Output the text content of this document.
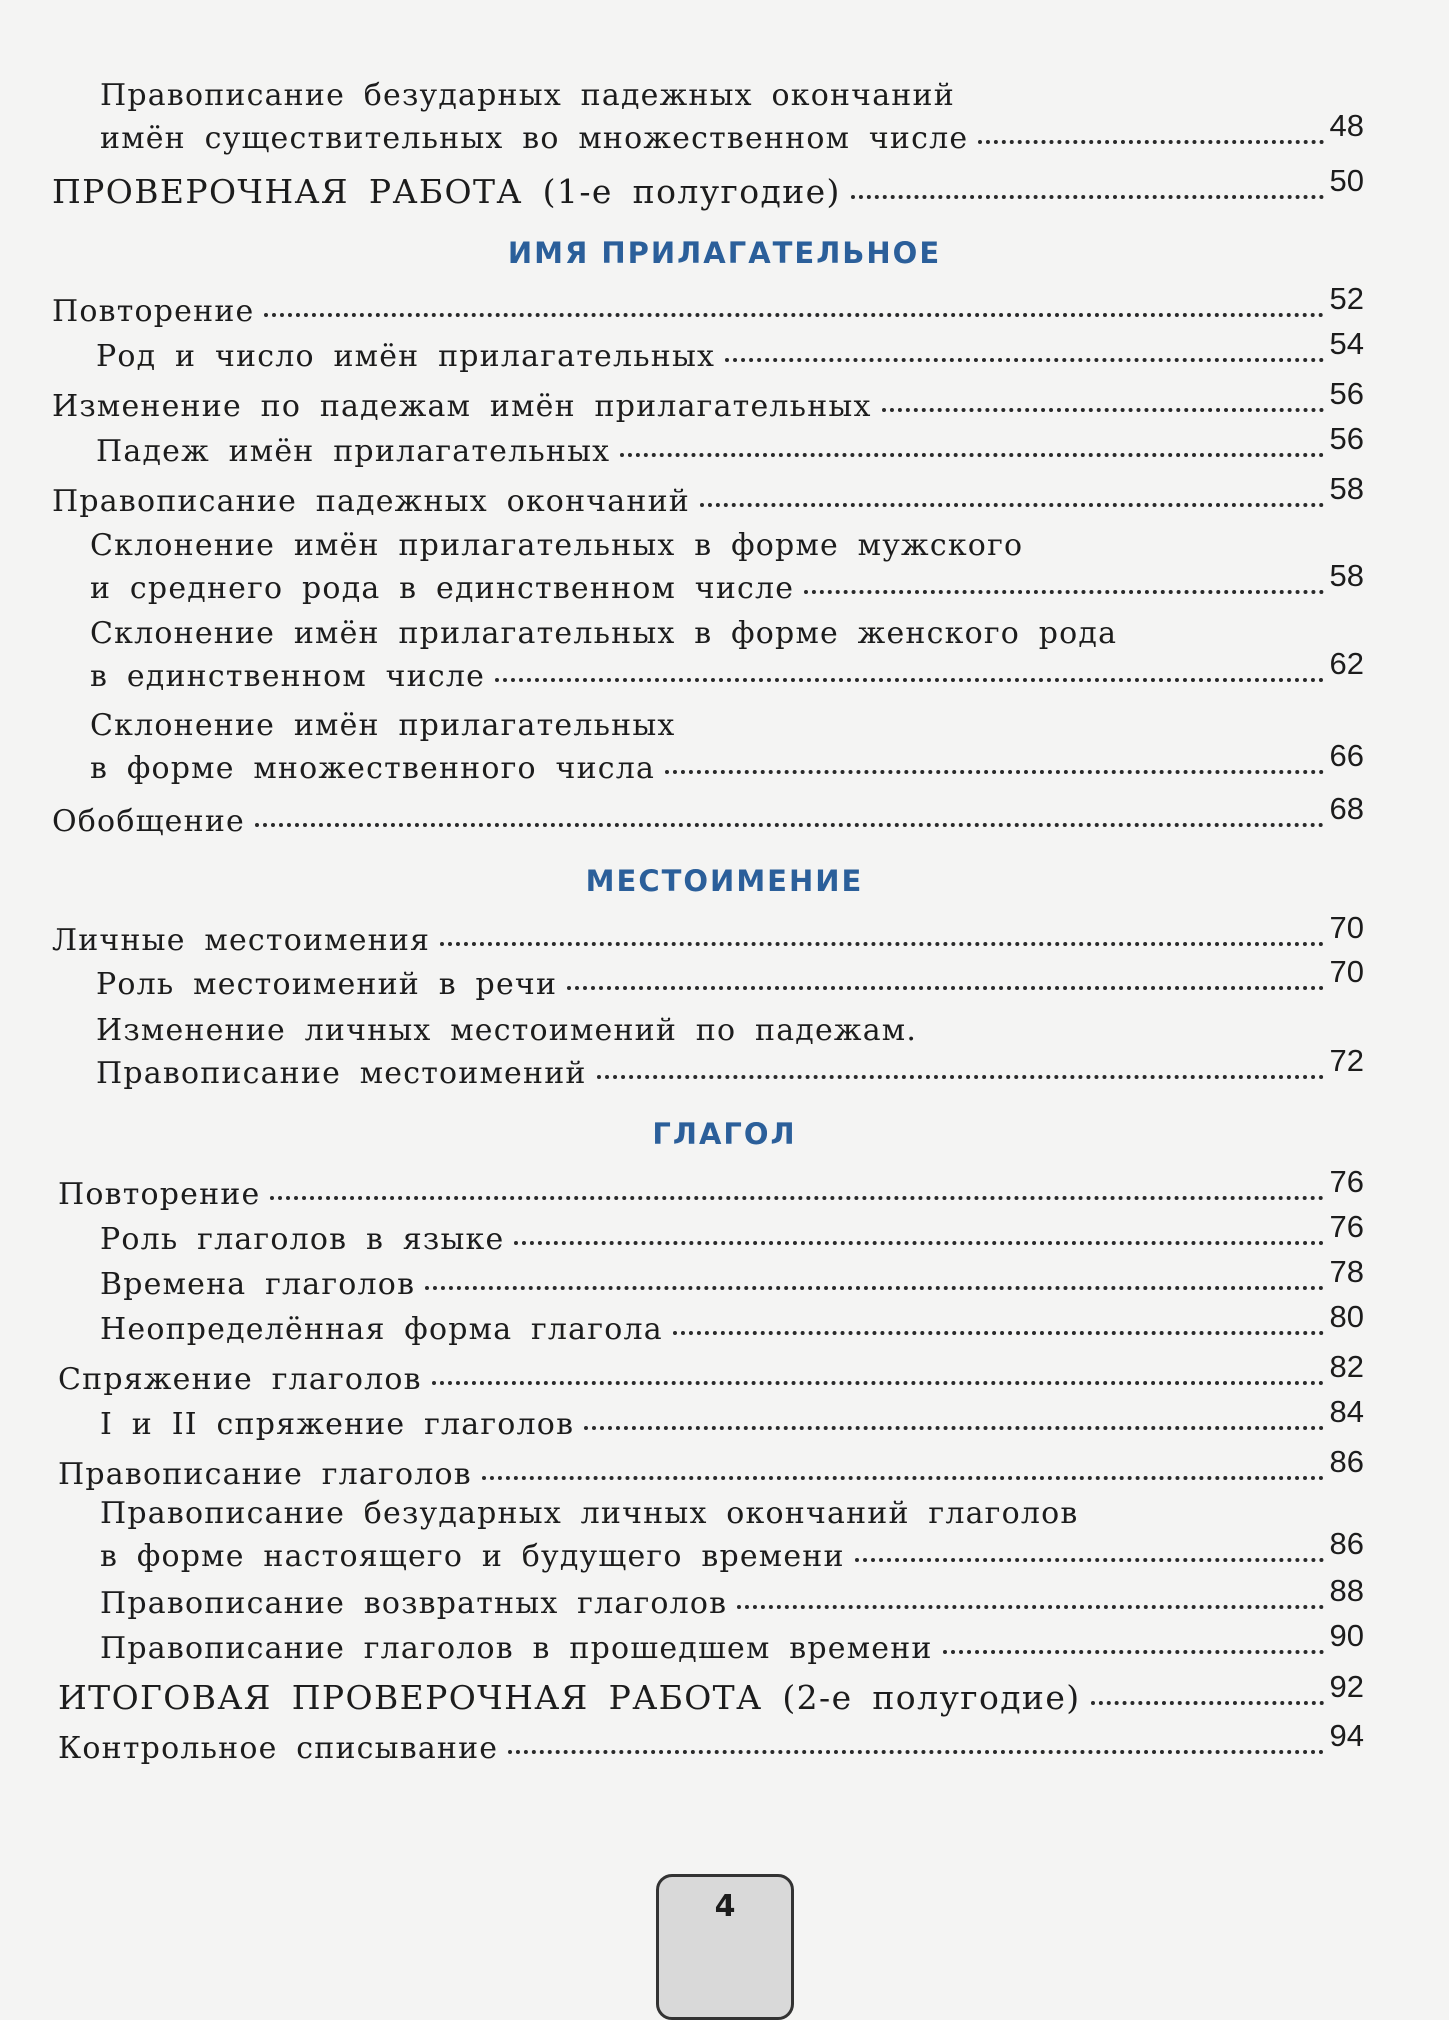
ИМЯ ПРИЛАГАТЕЛЬНОЕ
МЕСТОИМЕНИЕ
ГЛАГОЛ
Правописание безударных падежных окончаний
имён существительных во множественном числе	48
ПРОВЕРОЧНАЯ РАБОТА (1-е полугодие)	50
Повторение	52
Род и число имён прилагательных	54
Изменение по падежам имён прилагательных	56
Падеж имён прилагательных	56
Правописание падежных окончаний	58
Склонение имён прилагательных в форме мужского
и среднего рода в единственном числе	58
Склонение имён прилагательных в форме женского рода
в единственном числе	62
Склонение имён прилагательных
в форме множественного числа	66
Обобщение	68
Личные местоимения	70
Роль местоимений в речи	70
Изменение личных местоимений по падежам.
Правописание местоимений	72
Повторение	76
Роль глаголов в языке	76
Времена глаголов	78
Неопределённая форма глагола	80
Спряжение глаголов	82
I и II спряжение глаголов	84
Правописание глаголов	86
Правописание безударных личных окончаний глаголов
в форме настоящего и будущего времени	86
Правописание возвратных глаголов	88
Правописание глаголов в прошедшем времени	90
ИТОГОВАЯ ПРОВЕРОЧНАЯ РАБОТА (2-е полугодие)	92
Контрольное списывание	94
4
